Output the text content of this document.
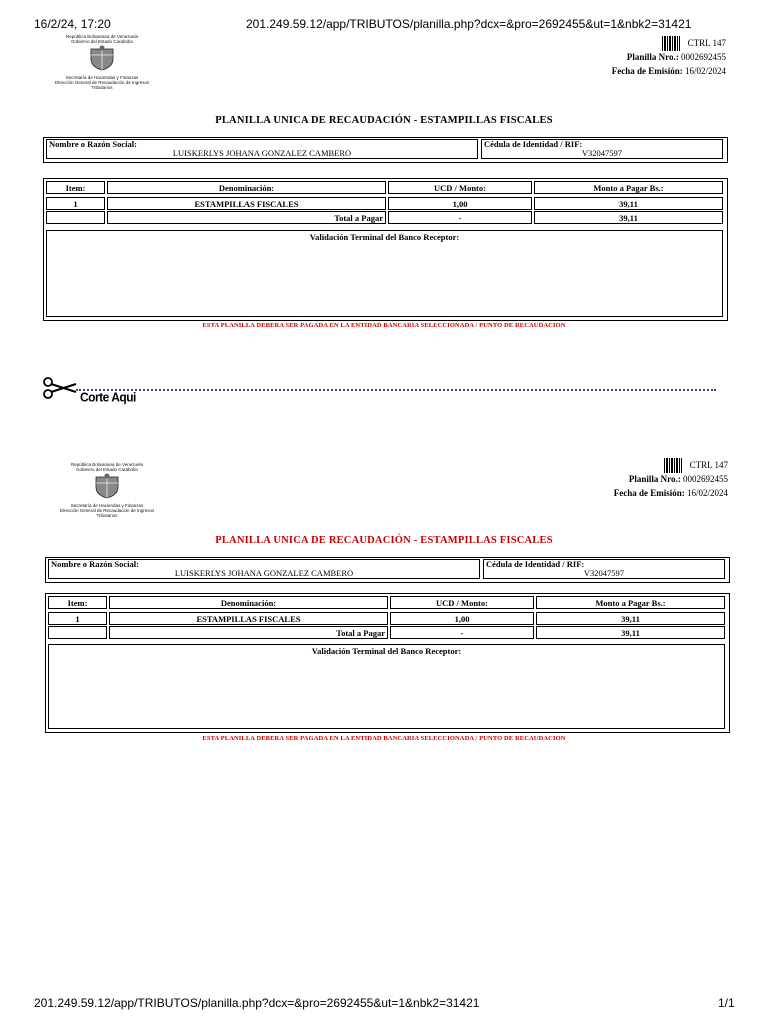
16/2/24, 17:20	201.249.59.12/app/TRIBUTOS/planilla.php?dcx=&pro=2692455&ut=1&nbk2=31421
201.249.59.12/app/TRIBUTOS/planilla.php?dcx=&pro=2692455&ut=1&nbk2=31421	1/1
República Bolivariana de Venezuela
Gobierno del Estado Carabobo
Secretaría de Haciendas y Finanzas
Dirección General de Recaudación de Ingresos
Tributarios
CTRL 147
Planilla Nro.: 0002692455
Fecha de Emisión: 16/02/2024
PLANILLA UNICA DE RECAUDACIÓN - ESTAMPILLAS FISCALES
Nombre o Razón Social:
LUISKERLYS JOHANA GONZALEZ CAMBERO
Cédula de Identidad / RIF:
V32047597
Item:	Denominación:	UCD / Monto:	Monto a Pagar Bs.:
1	ESTAMPILLAS FISCALES	1,00	39,11
Total a Pagar	-	39,11
Validación Terminal del Banco Receptor:
ESTA PLANILLA DEBERA SER PAGADA EN LA ENTIDAD BANCARIA SELECCIONADA / PUNTO DE RECAUDACION
Corte Aqui
República Bolivariana de Venezuela
Gobierno del Estado Carabobo
Secretaría de Haciendas y Finanzas
Dirección General de Recaudación de Ingresos
Tributarios
CTRL 147
Planilla Nro.: 0002692455
Fecha de Emisión: 16/02/2024
PLANILLA UNICA DE RECAUDACIÓN - ESTAMPILLAS FISCALES
Nombre o Razón Social:
LUISKERLYS JOHANA GONZALEZ CAMBERO
Cédula de Identidad / RIF:
V32047597
Item:	Denominación:	UCD / Monto:	Monto a Pagar Bs.:
1	ESTAMPILLAS FISCALES	1,00	39,11
Total a Pagar	-	39,11
Validación Terminal del Banco Receptor:
ESTA PLANILLA DEBERA SER PAGADA EN LA ENTIDAD BANCARIA SELECCIONADA / PUNTO DE RECAUDACION
